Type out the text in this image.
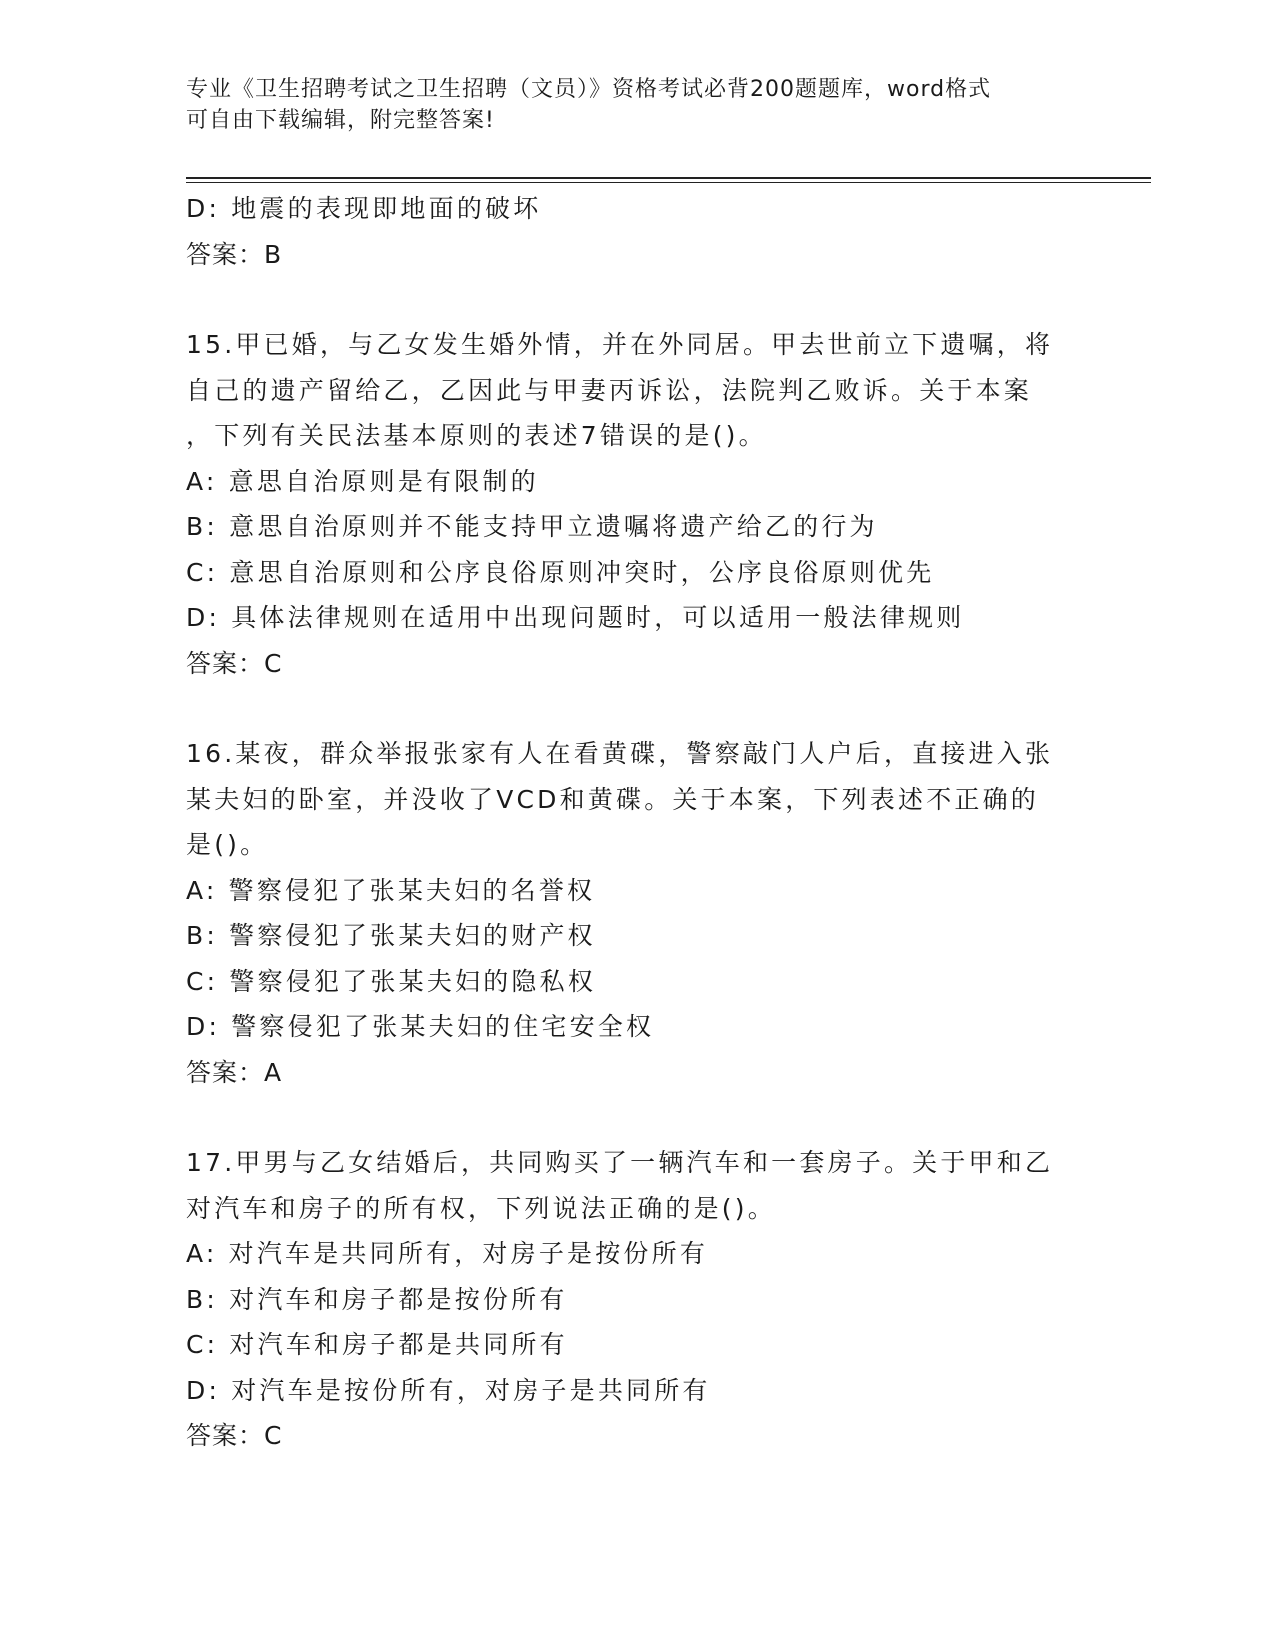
专业《卫生招聘考试之卫生招聘（文员）》资格考试必背200题题库，word格式
可自由下载编辑，附完整答案!
D: 地震的表现即地面的破坏
答案：B
15.甲已婚，与乙女发生婚外情，并在外同居。甲去世前立下遗嘱，将
自己的遗产留给乙，乙因此与甲妻丙诉讼，法院判乙败诉。关于本案
，下列有关民法基本原则的表述7错误的是()。
A: 意思自治原则是有限制的
B: 意思自治原则并不能支持甲立遗嘱将遗产给乙的行为
C: 意思自治原则和公序良俗原则冲突时，公序良俗原则优先
D: 具体法律规则在适用中出现问题时，可以适用一般法律规则
答案：C
16.某夜，群众举报张家有人在看黄碟，警察敲门人户后，直接进入张
某夫妇的卧室，并没收了VCD和黄碟。关于本案，下列表述不正确的
是()。
A: 警察侵犯了张某夫妇的名誉权
B: 警察侵犯了张某夫妇的财产权
C: 警察侵犯了张某夫妇的隐私权
D: 警察侵犯了张某夫妇的住宅安全权
答案：A
17.甲男与乙女结婚后，共同购买了一辆汽车和一套房子。关于甲和乙
对汽车和房子的所有权，下列说法正确的是()。
A: 对汽车是共同所有，对房子是按份所有
B: 对汽车和房子都是按份所有
C: 对汽车和房子都是共同所有
D: 对汽车是按份所有，对房子是共同所有
答案：C
